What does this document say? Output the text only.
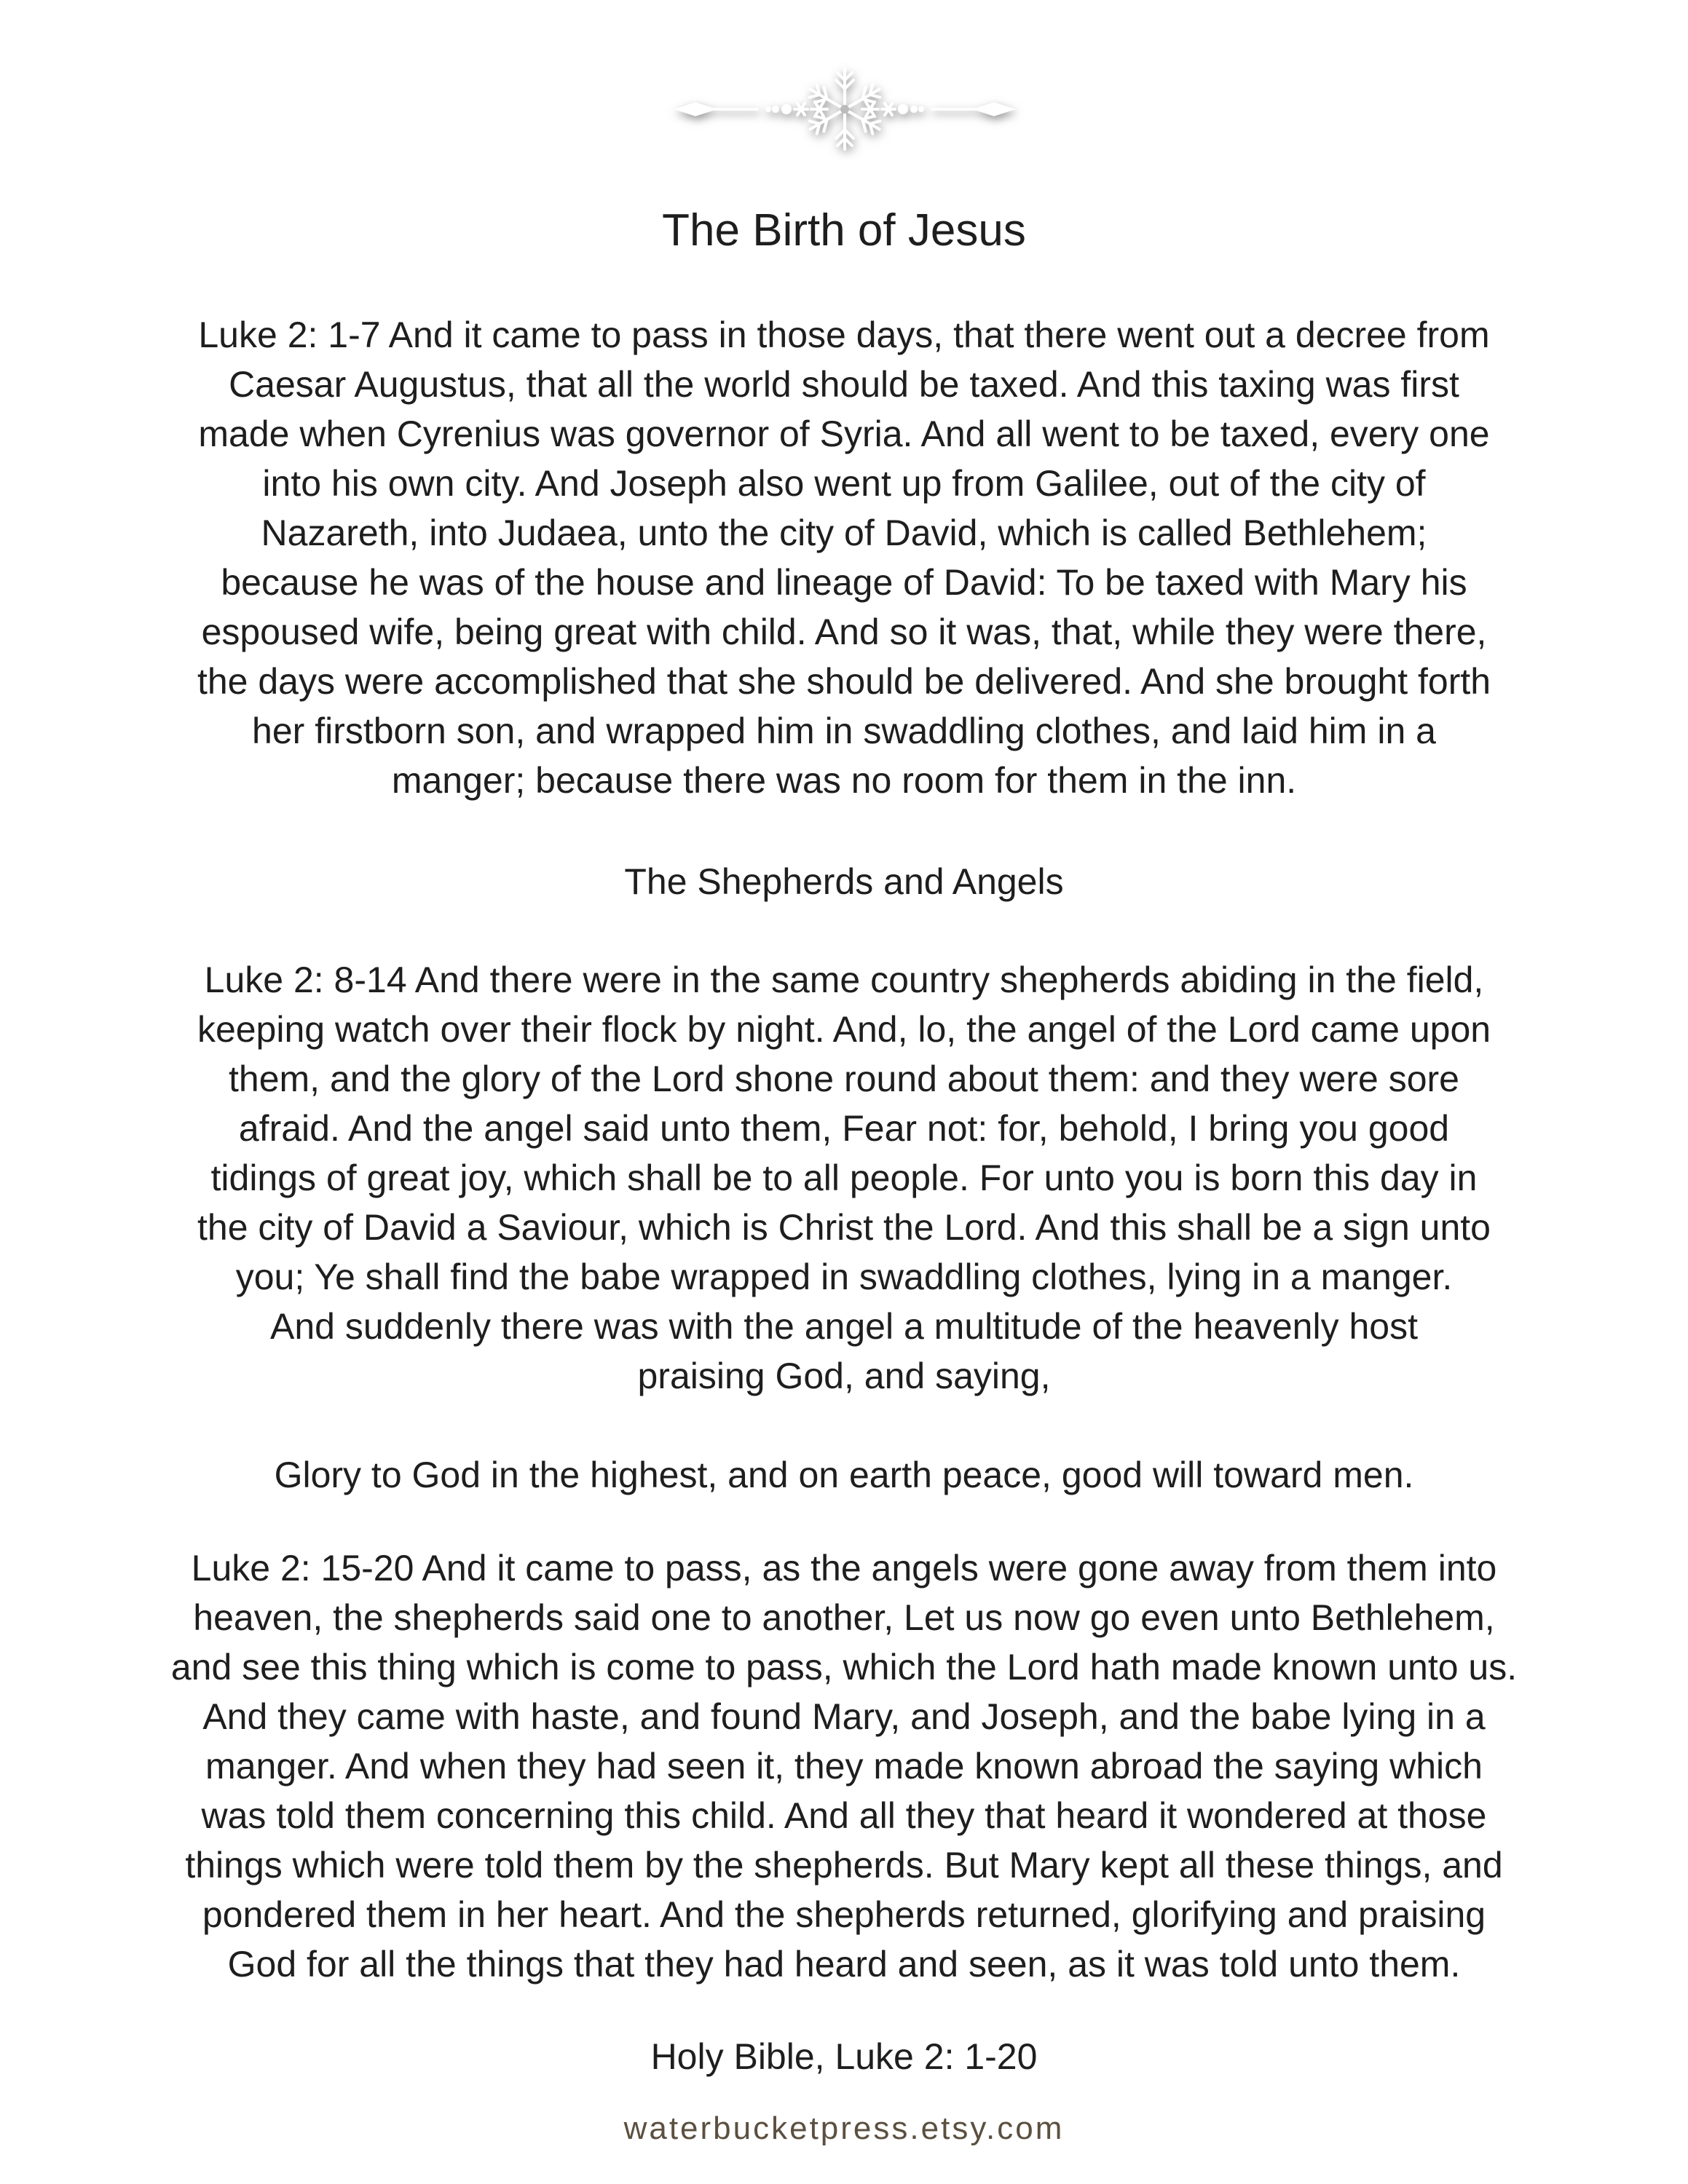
The Birth of Jesus
Luke 2: 1-7 And it came to pass in those days, that there went out a decree from
Caesar Augustus, that all the world should be taxed. And this taxing was first
made when Cyrenius was governor of Syria. And all went to be taxed, every one
into his own city. And Joseph also went up from Galilee, out of the city of
Nazareth, into Judaea, unto the city of David, which is called Bethlehem;
because he was of the house and lineage of David: To be taxed with Mary his
espoused wife, being great with child. And so it was, that, while they were there,
the days were accomplished that she should be delivered. And she brought forth
her firstborn son, and wrapped him in swaddling clothes, and laid him in a
manger; because there was no room for them in the inn.
The Shepherds and Angels
Luke 2: 8-14 And there were in the same country shepherds abiding in the field,
keeping watch over their flock by night. And, lo, the angel of the Lord came upon
them, and the glory of the Lord shone round about them: and they were sore
afraid. And the angel said unto them, Fear not: for, behold, I bring you good
tidings of great joy, which shall be to all people. For unto you is born this day in
the city of David a Saviour, which is Christ the Lord. And this shall be a sign unto
you; Ye shall find the babe wrapped in swaddling clothes, lying in a manger.
And suddenly there was with the angel a multitude of the heavenly host
praising God, and saying,
Glory to God in the highest, and on earth peace, good will toward men.
Luke 2: 15-20 And it came to pass, as the angels were gone away from them into
heaven, the shepherds said one to another, Let us now go even unto Bethlehem,
and see this thing which is come to pass, which the Lord hath made known unto us.
And they came with haste, and found Mary, and Joseph, and the babe lying in a
manger. And when they had seen it, they made known abroad the saying which
was told them concerning this child. And all they that heard it wondered at those
things which were told them by the shepherds. But Mary kept all these things, and
pondered them in her heart. And the shepherds returned, glorifying and praising
God for all the things that they had heard and seen, as it was told unto them.
Holy Bible, Luke 2: 1-20
waterbucketpress.etsy.com
